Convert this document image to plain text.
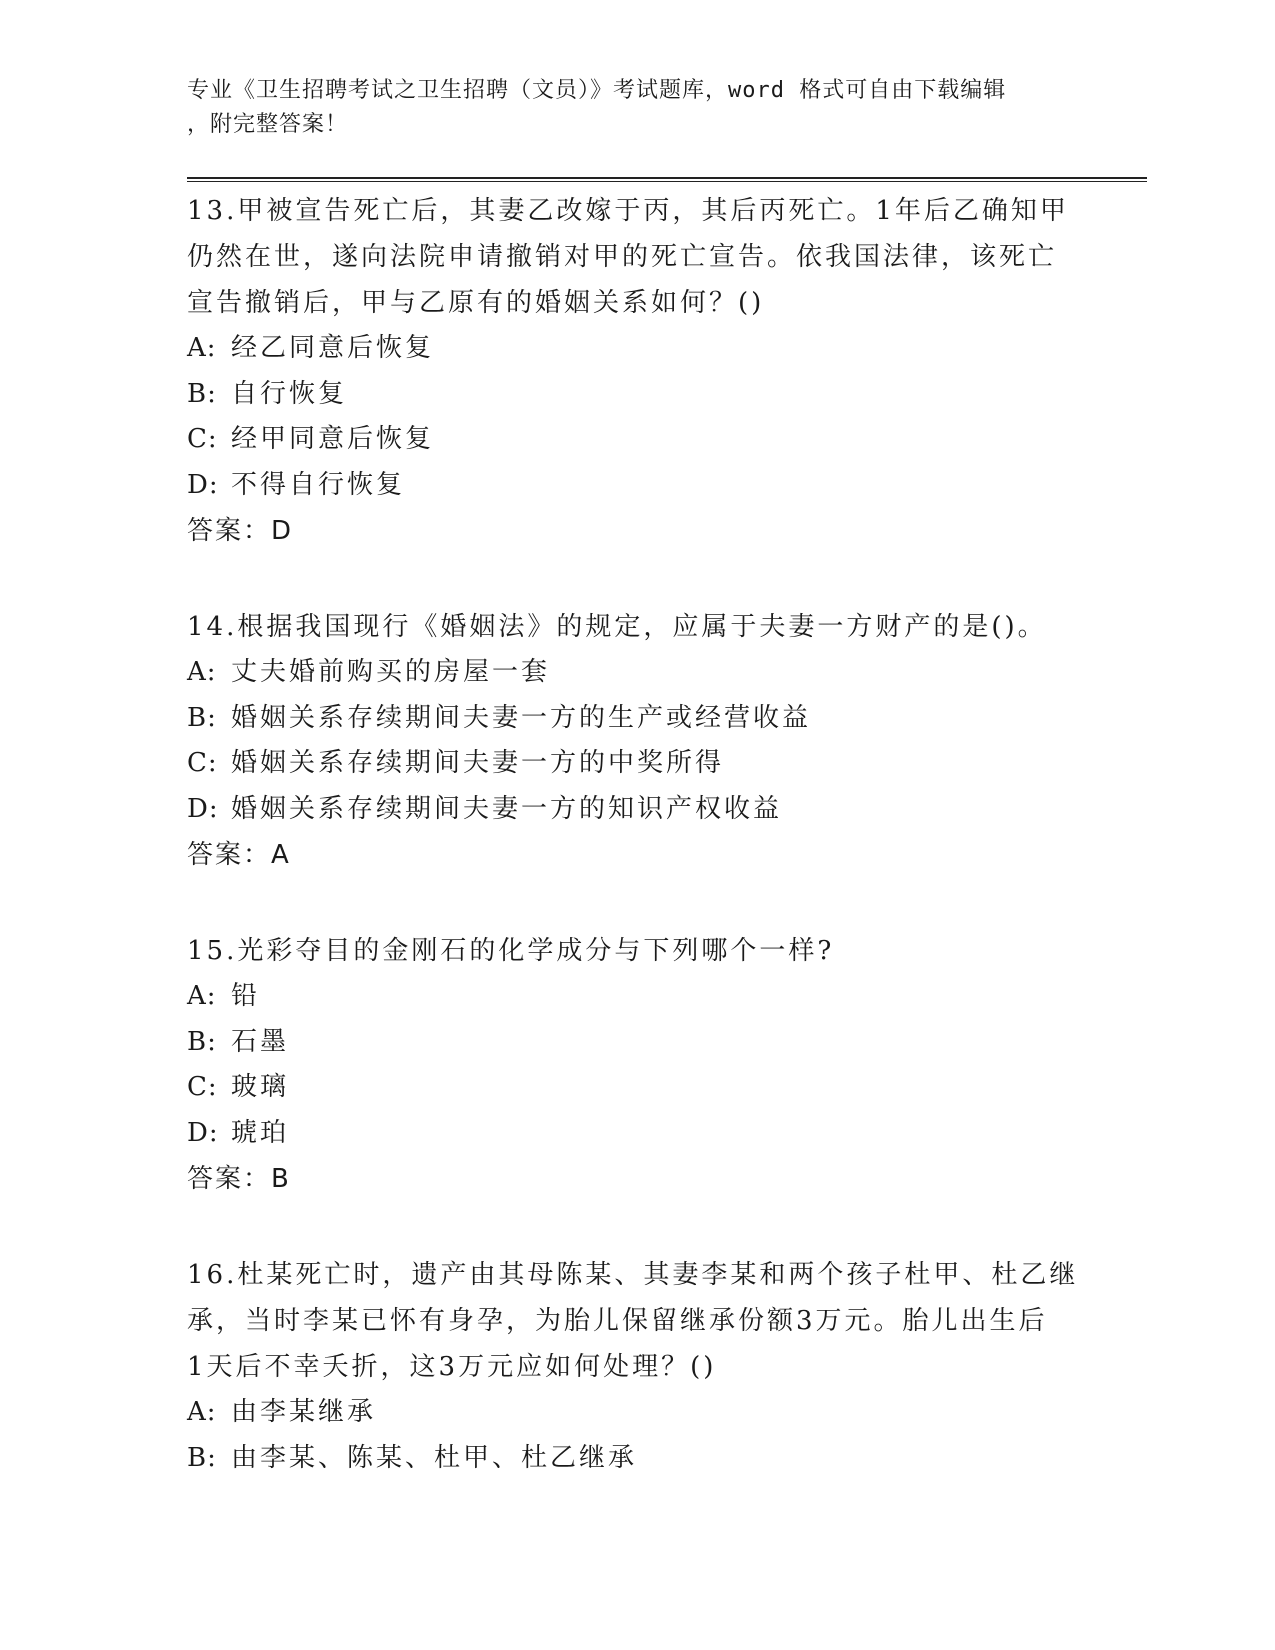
专业《卫生招聘考试之卫生招聘（文员）》考试题库，word 格式可自由下载编辑
，附完整答案！
13.甲被宣告死亡后，其妻乙改嫁于丙，其后丙死亡。1年后乙确知甲
仍然在世，遂向法院申请撤销对甲的死亡宣告。依我国法律，该死亡
宣告撤销后，甲与乙原有的婚姻关系如何？()
A: 经乙同意后恢复
B: 自行恢复
C: 经甲同意后恢复
D: 不得自行恢复
答案：D
14.根据我国现行《婚姻法》的规定，应属于夫妻一方财产的是()。
A: 丈夫婚前购买的房屋一套
B: 婚姻关系存续期间夫妻一方的生产或经营收益
C: 婚姻关系存续期间夫妻一方的中奖所得
D: 婚姻关系存续期间夫妻一方的知识产权收益
答案：A
15.光彩夺目的金刚石的化学成分与下列哪个一样?
A: 铅
B: 石墨
C: 玻璃
D: 琥珀
答案：B
16.杜某死亡时，遗产由其母陈某、其妻李某和两个孩子杜甲、杜乙继
承，当时李某已怀有身孕，为胎儿保留继承份额3万元。胎儿出生后
1天后不幸夭折，这3万元应如何处理？()
A: 由李某继承
B: 由李某、陈某、杜甲、杜乙继承
